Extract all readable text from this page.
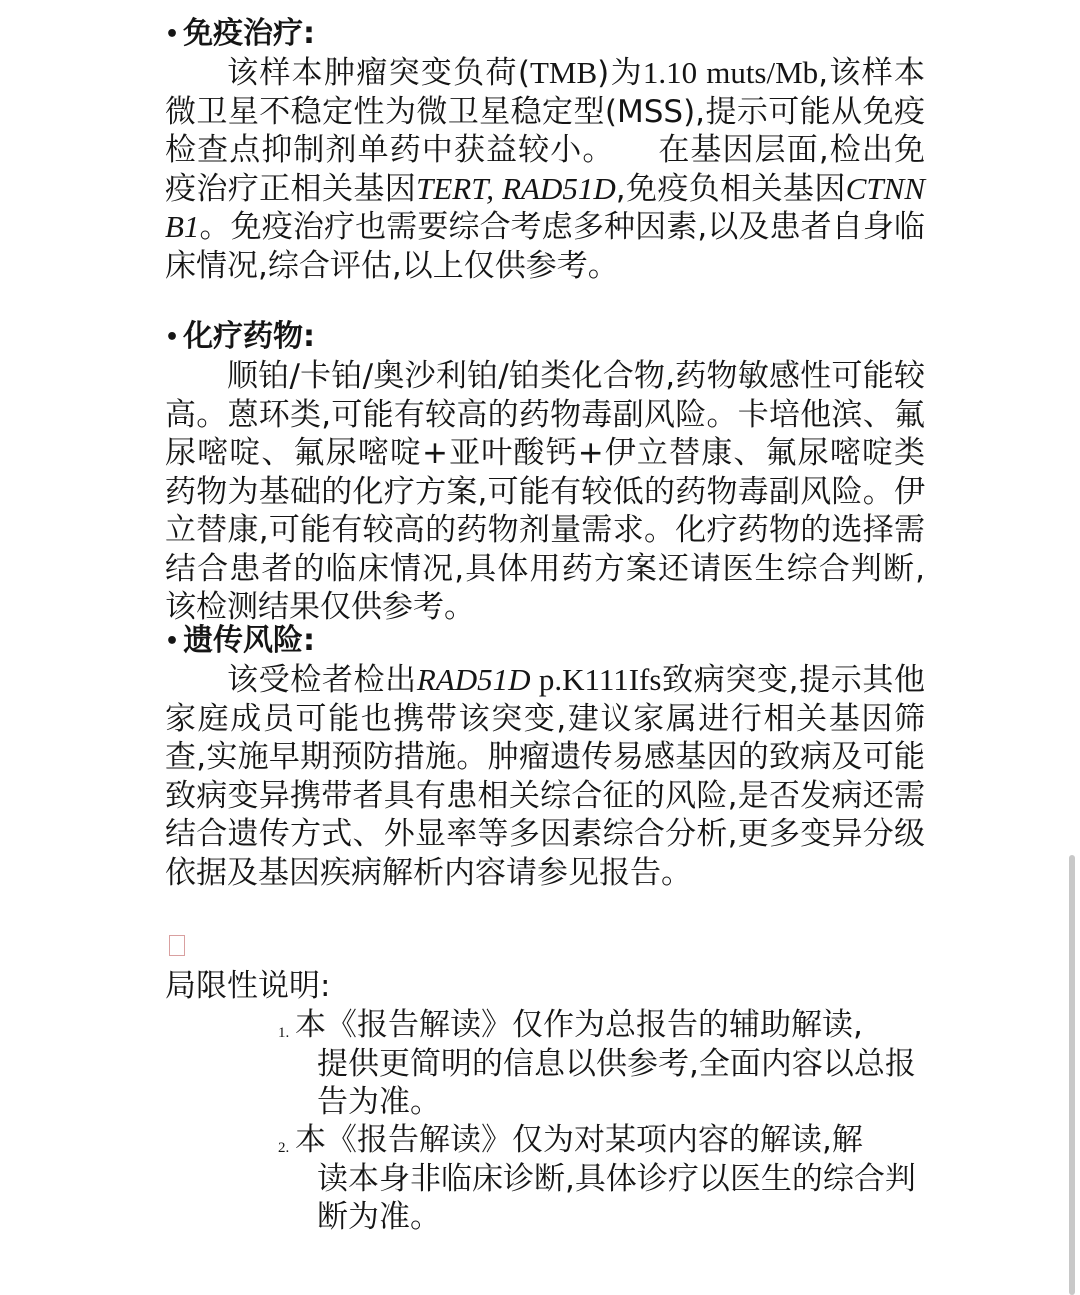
• 免疫治疗:
该样本肿瘤突变负荷(TMB)为1.10 muts/Mb,该样本微卫星不稳定性为微卫星稳定型(MSS),提示可能从免疫检查点抑制剂单药中获益较小。 在基因层面,检出免疫治疗正相关基因TERT, RAD51D,免疫负相关基因CTNNB1。免疫治疗也需要综合考虑多种因素,以及患者自身临床情况,综合评估,以上仅供参考。
• 化疗药物:
顺铂/卡铂/奥沙利铂/铂类化合物,药物敏感性可能较高。蒽环类,可能有较高的药物毒副风险。卡培他滨、氟尿嘧啶、氟尿嘧啶+亚叶酸钙+伊立替康、氟尿嘧啶类药物为基础的化疗方案,可能有较低的药物毒副风险。伊立替康,可能有较高的药物剂量需求。化疗药物的选择需结合患者的临床情况,具体用药方案还请医生综合判断,该检测结果仅供参考。
• 遗传风险:
该受检者检出RAD51D p.K111Ifs致病突变,提示其他家庭成员可能也携带该突变,建议家属进行相关基因筛查,实施早期预防措施。肿瘤遗传易感基因的致病及可能致病变异携带者具有患相关综合征的风险,是否发病还需结合遗传方式、外显率等多因素综合分析,更多变异分级依据及基因疾病解析内容请参见报告。
局限性说明:
1. 本《报告解读》仅作为总报告的辅助解读,
提供更简明的信息以供参考,全面内容以总报告为准。
2. 本《报告解读》仅为对某项内容的解读,解
读本身非临床诊断,具体诊疗以医生的综合判断为准。
